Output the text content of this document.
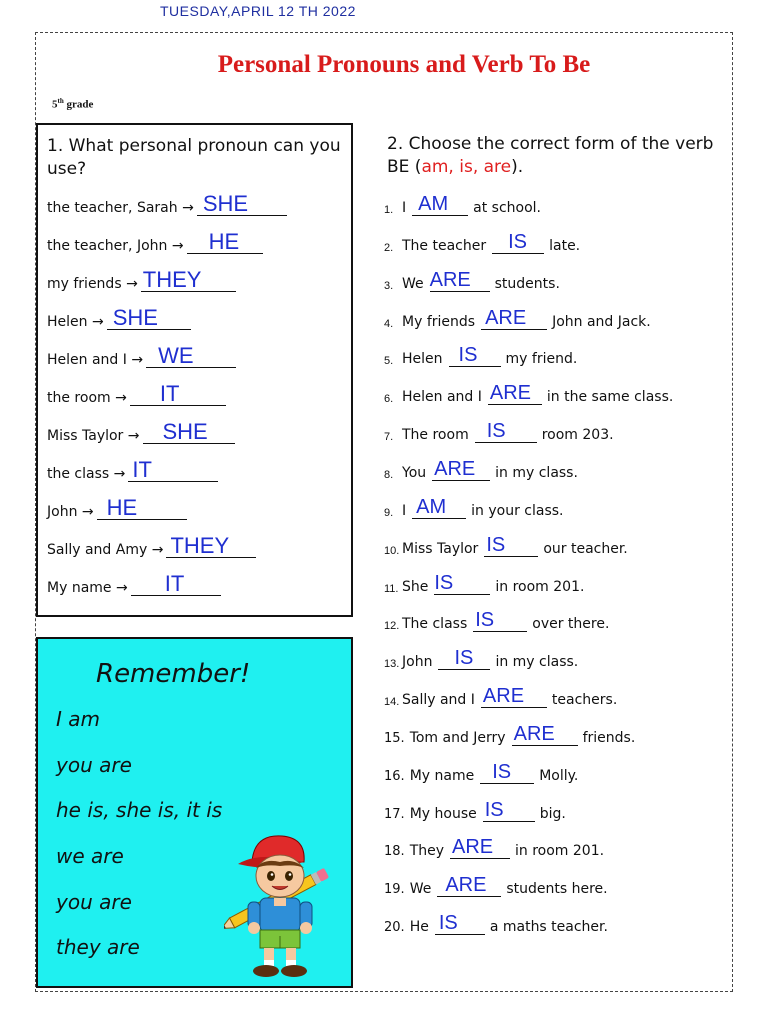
TUESDAY,APRIL 12 TH 2022
Personal Pronouns and Verb To Be
5th grade
1. What personal pronoun can you use?
the teacher, Sarah → SHE
the teacher, John → HE
my friends → THEY
Helen → SHE
Helen and I → WE
the room → IT
Miss Taylor → SHE
the class → IT
John → HE
Sally and Amy → THEY
My name → IT
2. Choose the correct form of the verb BE (am, is, are).
1. I AM at school.
2. The teacher IS late.
3. We ARE students.
4. My friends ARE John and Jack.
5. Helen IS my friend.
6. Helen and I ARE in the same class.
7. The room IS	room 203.
8. You ARE in my class.
9. I AM in your class.
10. Miss Taylor IS	our teacher.
11. She IS	in room 201.
12. The class IS	over there.
13. John IS in my class.
14. Sally and I ARE teachers.
15. Tom and Jerry ARE friends.
16. My name IS Molly.
17. My house IS	big.
18. They ARE in room 201.
19. We ARE students here.
20. He IS a maths teacher.
Remember!
I am
you are
he is, she is, it is
we are
you are
they are
